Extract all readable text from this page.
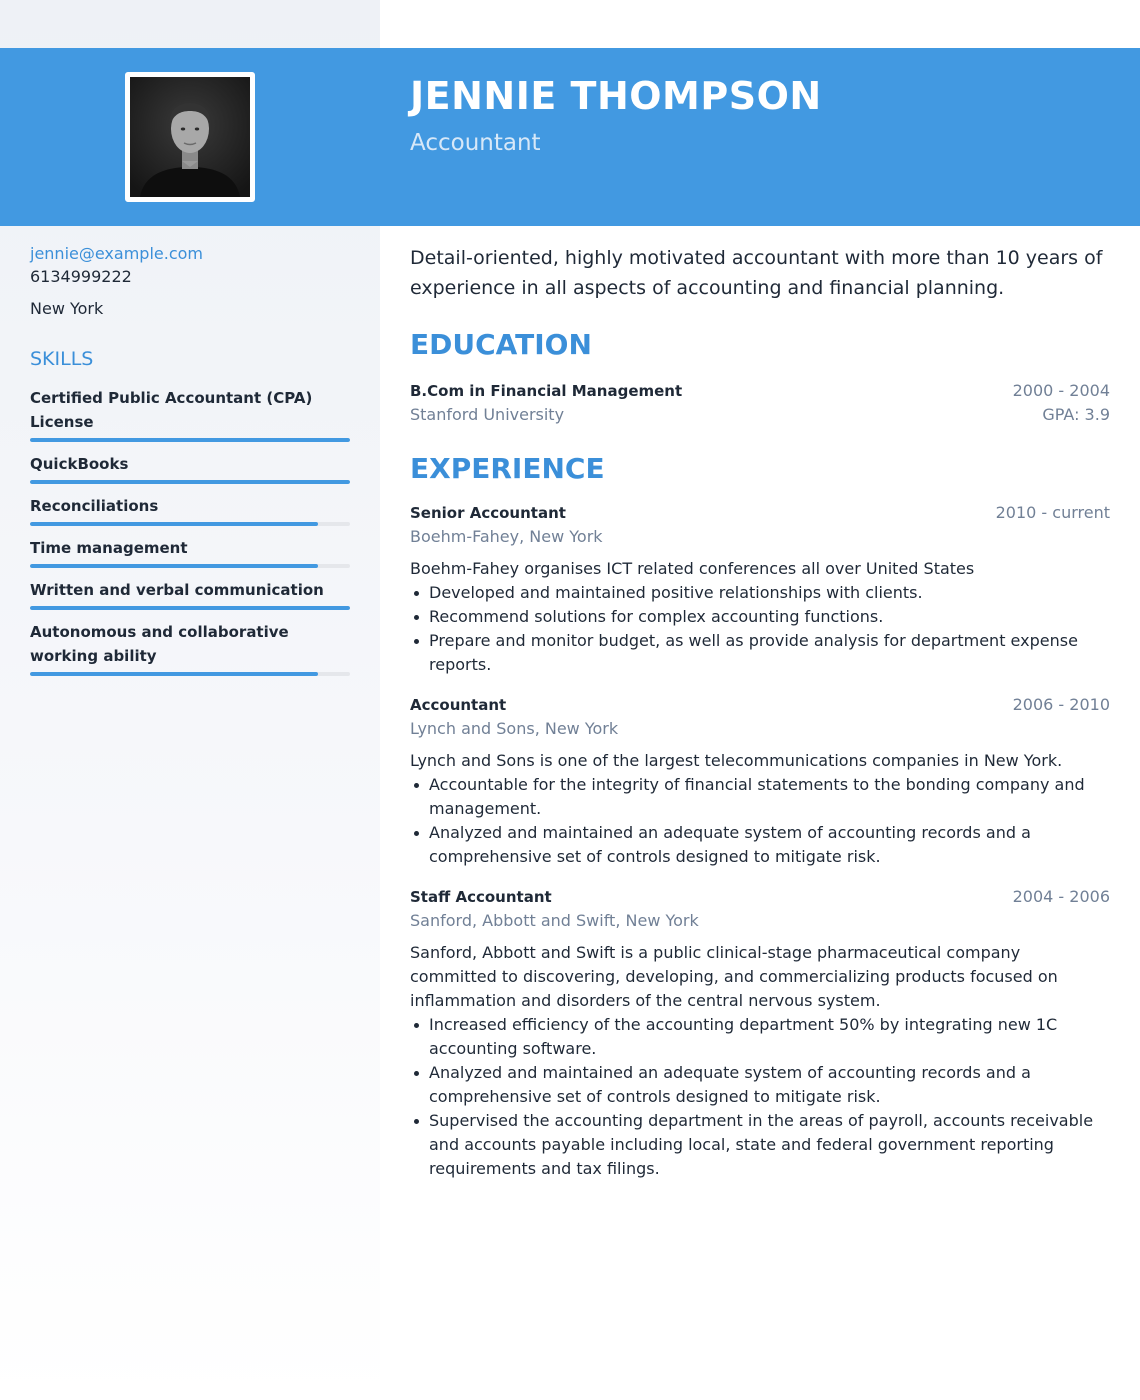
JENNIE THOMPSON
Accountant
jennie@example.com
6134999222
New York
SKILLS
Certified Public Accountant (CPA) License
QuickBooks
Reconciliations
Time management
Written and verbal communication
Autonomous and collaborative working ability

Detail-oriented, highly motivated accountant with more than 10 years of experience in all aspects of accounting and financial planning.

EDUCATION
B.Com in Financial Management	2000 - 2004
Stanford University	GPA: 3.9
EXPERIENCE
Senior Accountant	2010 - current
Boehm-Fahey, New York
Boehm-Fahey organises ICT related conferences all over United States
Developed and maintained positive relationships with clients.
Recommend solutions for complex accounting functions.
Prepare and monitor budget, as well as provide analysis for department expense reports.
Accountant	2006 - 2010
Lynch and Sons, New York
Lynch and Sons is one of the largest telecommunications companies in New York.
Accountable for the integrity of financial statements to the bonding company and management.
Analyzed and maintained an adequate system of accounting records and a comprehensive set of controls designed to mitigate risk.
Staff Accountant	2004 - 2006
Sanford, Abbott and Swift, New York
Sanford, Abbott and Swift is a public clinical-stage pharmaceutical company committed to discovering, developing, and commercializing products focused on inflammation and disorders of the central nervous system.
Increased efficiency of the accounting department 50% by integrating new 1C accounting software.
Analyzed and maintained an adequate system of accounting records and a comprehensive set of controls designed to mitigate risk.
Supervised the accounting department in the areas of payroll, accounts receivable and accounts payable including local, state and federal government reporting requirements and tax filings.
